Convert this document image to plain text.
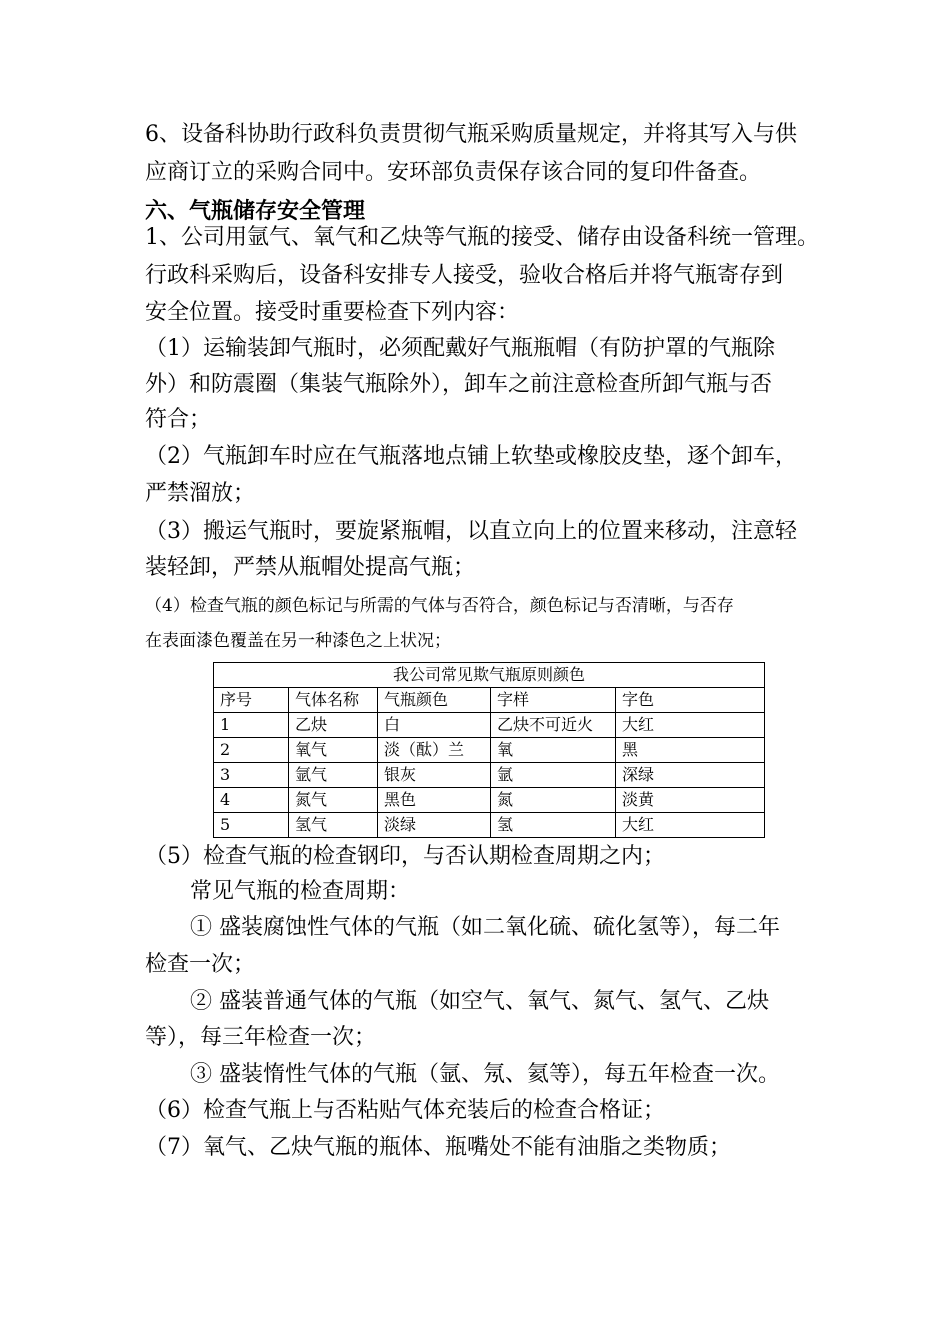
6、设备科协助行政科负责贯彻气瓶采购质量规定，并将其写入与供
应商订立的采购合同中。安环部负责保存该合同的复印件备查。
六、气瓶储存安全管理
1、公司用氩气、氧气和乙炔等气瓶的接受、储存由设备科统一管理。
行政科采购后，设备科安排专人接受，验收合格后并将气瓶寄存到
安全位置。接受时重要检查下列内容：
（1）运输装卸气瓶时，必须配戴好气瓶瓶帽（有防护罩的气瓶除
外）和防震圈（集装气瓶除外），卸车之前注意检查所卸气瓶与否
符合；
（2）气瓶卸车时应在气瓶落地点铺上软垫或橡胶皮垫，逐个卸车，
严禁溜放；
（3）搬运气瓶时，要旋紧瓶帽，以直立向上的位置来移动，注意轻
装轻卸，严禁从瓶帽处提高气瓶；
（4）检查气瓶的颜色标记与所需的气体与否符合，颜色标记与否清晰，与否存
在表面漆色覆盖在另一种漆色之上状况；
我公司常见欺气瓶原则颜色				
序号	气体名称	气瓶颜色	字样	字色
1	乙炔	白	乙炔不可近火	大红
2	氧气	淡（酞）兰	氧	黑
3	氩气	银灰	氩	深绿
4	氮气	黑色	氮	淡黄
5	氢气	淡绿	氢	大红
（5）检查气瓶的检查钢印，与否认期检查周期之内；
常见气瓶的检查周期：
① 盛装腐蚀性气体的气瓶（如二氧化硫、硫化氢等），每二年
检查一次；
② 盛装普通气体的气瓶（如空气、氧气、氮气、氢气、乙炔
等），每三年检查一次；
③ 盛装惰性气体的气瓶（氩、氖、氦等），每五年检查一次。
（6）检查气瓶上与否粘贴气体充装后的检查合格证；
（7）氧气、乙炔气瓶的瓶体、瓶嘴处不能有油脂之类物质；
